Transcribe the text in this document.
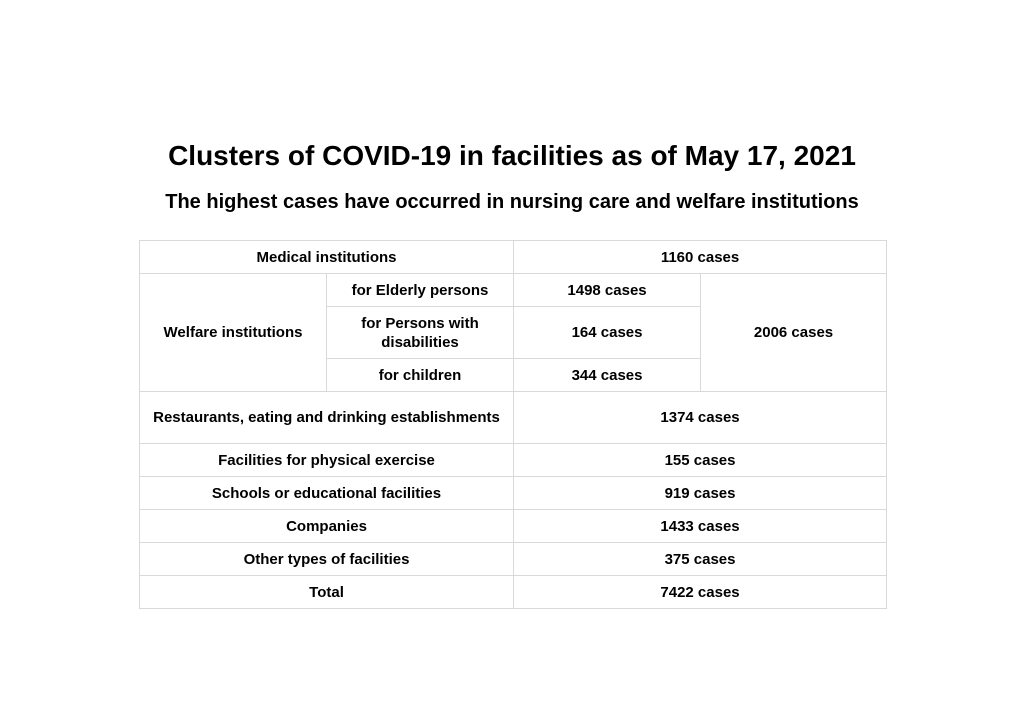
Clusters of COVID-19 in facilities as of May 17, 2021
The highest cases have occurred in nursing care and welfare institutions
Medical institutions		1160 cases	
Welfare institutions	for Elderly persons	1498 cases	2006 cases
	for Persons with disabilities	164 cases	
	for children	344 cases	
Restaurants, eating and drinking establishments		1374 cases	
Facilities for physical exercise		155 cases	
Schools or educational facilities		919 cases	
Companies		1433 cases	
Other types of facilities		375 cases	
Total		7422 cases	
